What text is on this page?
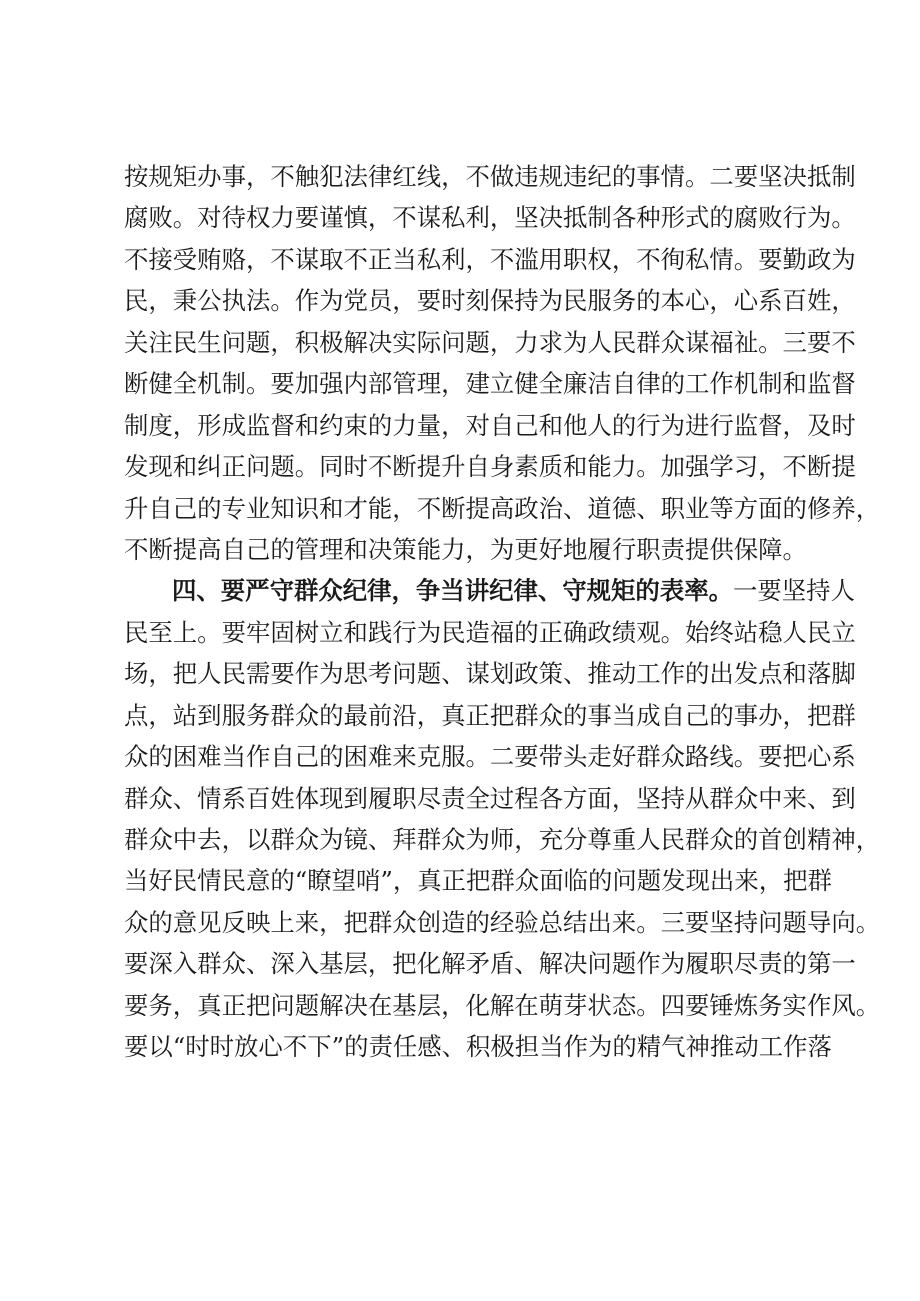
按规矩办事，不触犯法律红线，不做违规违纪的事情。二要坚决抵制
腐败。对待权力要谨慎，不谋私利，坚决抵制各种形式的腐败行为。
不接受贿赂，不谋取不正当私利，不滥用职权，不徇私情。要勤政为
民，秉公执法。作为党员，要时刻保持为民服务的本心，心系百姓，
关注民生问题，积极解决实际问题，力求为人民群众谋福祉。三要不
断健全机制。要加强内部管理，建立健全廉洁自律的工作机制和监督
制度，形成监督和约束的力量，对自己和他人的行为进行监督，及时
发现和纠正问题。同时不断提升自身素质和能力。加强学习，不断提
升自己的专业知识和才能，不断提高政治、道德、职业等方面的修养，
不断提高自己的管理和决策能力，为更好地履行职责提供保障。
四、要严守群众纪律，争当讲纪律、守规矩的表率。一要坚持人
民至上。要牢固树立和践行为民造福的正确政绩观。始终站稳人民立
场，把人民需要作为思考问题、谋划政策、推动工作的出发点和落脚
点，站到服务群众的最前沿，真正把群众的事当成自己的事办，把群
众的困难当作自己的困难来克服。二要带头走好群众路线。要把心系
群众、情系百姓体现到履职尽责全过程各方面，坚持从群众中来、到
群众中去，以群众为镜、拜群众为师，充分尊重人民群众的首创精神，
当好民情民意的“瞭望哨”，真正把群众面临的问题发现出来，把群
众的意见反映上来，把群众创造的经验总结出来。三要坚持问题导向。
要深入群众、深入基层，把化解矛盾、解决问题作为履职尽责的第一
要务，真正把问题解决在基层，化解在萌芽状态。四要锤炼务实作风。
要以“时时放心不下”的责任感、积极担当作为的精气神推动工作落
